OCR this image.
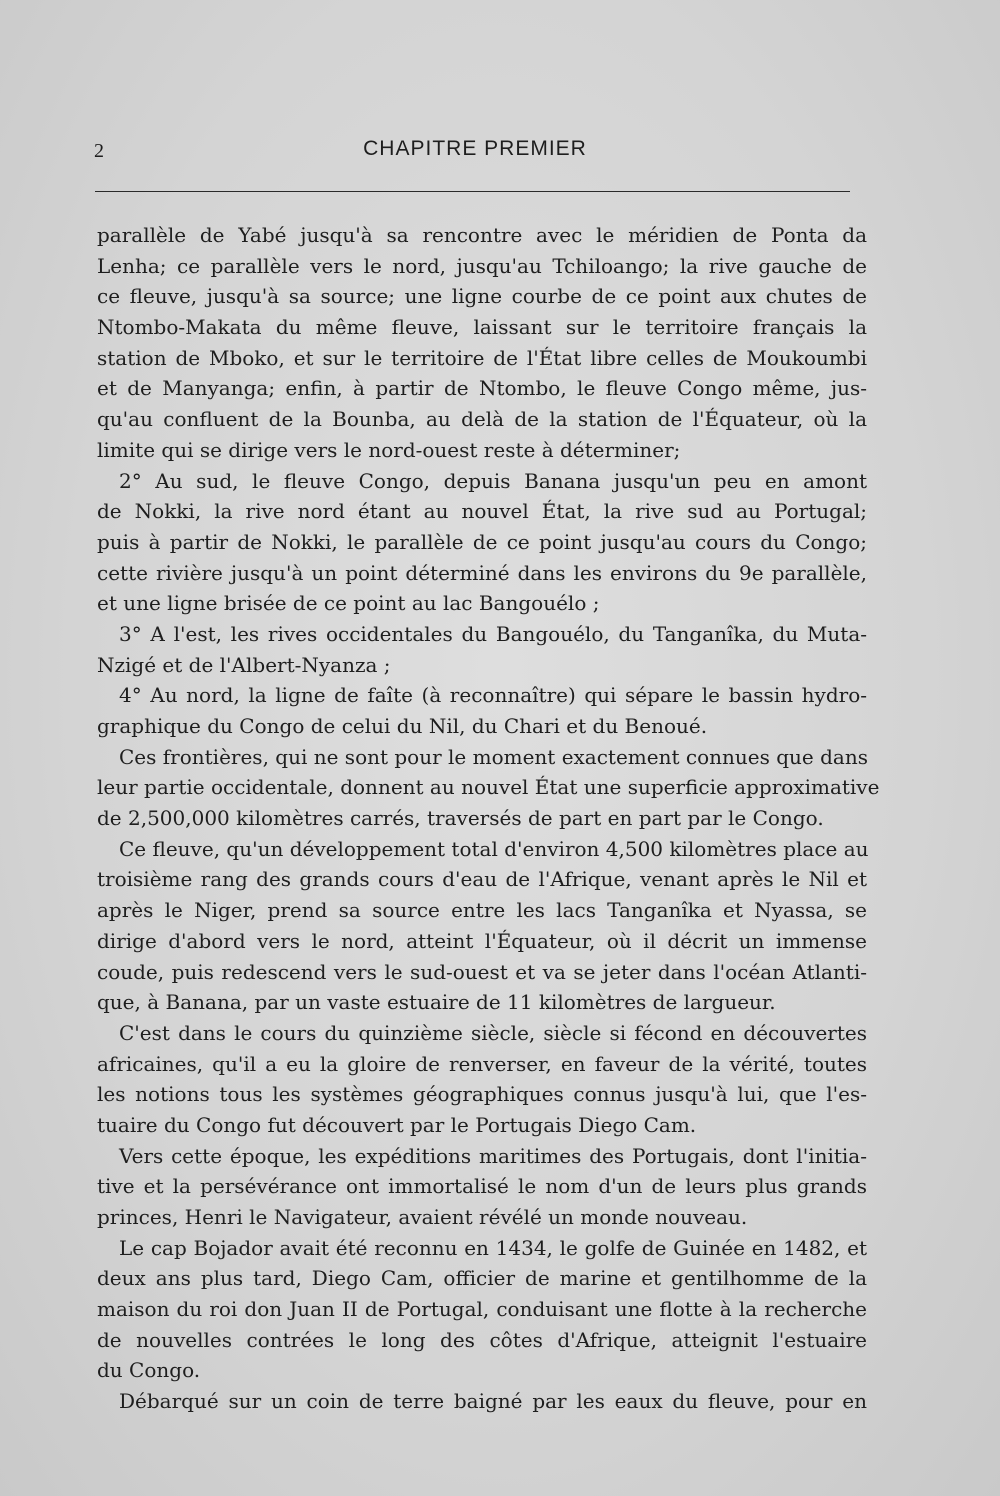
2	CHAPITRE PREMIER
parallèle de Yabé jusqu'à sa rencontre avec le méridien de Ponta da
Lenha; ce parallèle vers le nord, jusqu'au Tchiloango; la rive gauche de
ce fleuve, jusqu'à sa source; une ligne courbe de ce point aux chutes de
Ntombo-Makata du même fleuve, laissant sur le territoire français la
station de Mboko, et sur le territoire de l'État libre celles de Moukoumbi
et de Manyanga; enfin, à partir de Ntombo, le fleuve Congo même, jus-
qu'au confluent de la Bounba, au delà de la station de l'Équateur, où la
limite qui se dirige vers le nord-ouest reste à déterminer;
2° Au sud, le fleuve Congo, depuis Banana jusqu'un peu en amont
de Nokki, la rive nord étant au nouvel État, la rive sud au Portugal;
puis à partir de Nokki, le parallèle de ce point jusqu'au cours du Congo;
cette rivière jusqu'à un point déterminé dans les environs du 9e parallèle,
et une ligne brisée de ce point au lac Bangouélo ;
3° A l'est, les rives occidentales du Bangouélo, du Tanganîka, du Muta-
Nzigé et de l'Albert-Nyanza ;
4° Au nord, la ligne de faîte (à reconnaître) qui sépare le bassin hydro-
graphique du Congo de celui du Nil, du Chari et du Benoué.
Ces frontières, qui ne sont pour le moment exactement connues que dans
leur partie occidentale, donnent au nouvel État une superficie approximative
de 2,500,000 kilomètres carrés, traversés de part en part par le Congo.
Ce fleuve, qu'un développement total d'environ 4,500 kilomètres place au
troisième rang des grands cours d'eau de l'Afrique, venant après le Nil et
après le Niger, prend sa source entre les lacs Tanganîka et Nyassa, se
dirige d'abord vers le nord, atteint l'Équateur, où il décrit un immense
coude, puis redescend vers le sud-ouest et va se jeter dans l'océan Atlanti-
que, à Banana, par un vaste estuaire de 11 kilomètres de largueur.
C'est dans le cours du quinzième siècle, siècle si fécond en découvertes
africaines, qu'il a eu la gloire de renverser, en faveur de la vérité, toutes
les notions tous les systèmes géographiques connus jusqu'à lui, que l'es-
tuaire du Congo fut découvert par le Portugais Diego Cam.
Vers cette époque, les expéditions maritimes des Portugais, dont l'initia-
tive et la persévérance ont immortalisé le nom d'un de leurs plus grands
princes, Henri le Navigateur, avaient révélé un monde nouveau.
Le cap Bojador avait été reconnu en 1434, le golfe de Guinée en 1482, et
deux ans plus tard, Diego Cam, officier de marine et gentilhomme de la
maison du roi don Juan II de Portugal, conduisant une flotte à la recherche
de nouvelles contrées le long des côtes d'Afrique, atteignit l'estuaire
du Congo.
Débarqué sur un coin de terre baigné par les eaux du fleuve, pour en
